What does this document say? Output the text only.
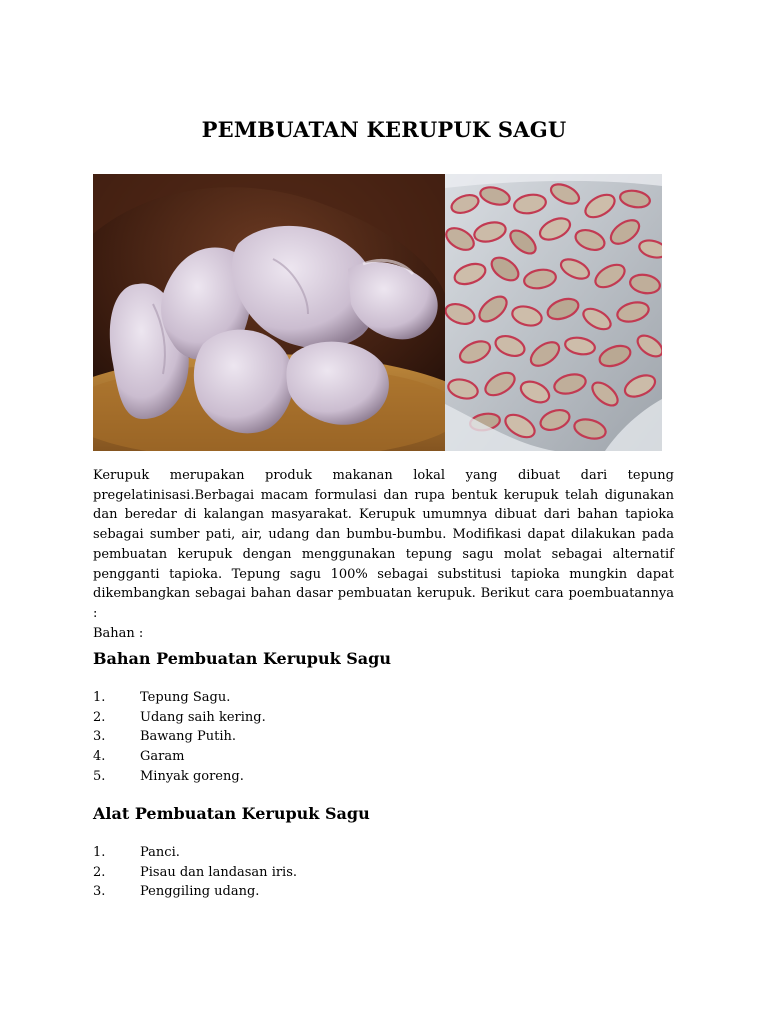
PEMBUATAN KERUPUK SAGU
Kerupuk merupakan produk makanan lokal yang dibuat dari tepung
pregelatinisasi.Berbagai macam formulasi dan rupa bentuk kerupuk telah digunakan
dan beredar di kalangan masyarakat. Kerupuk umumnya dibuat dari bahan tapioka
sebagai sumber pati, air, udang dan bumbu-bumbu. Modifikasi dapat dilakukan pada
pembuatan kerupuk dengan menggunakan tepung sagu molat sebagai alternatif
pengganti tapioka. Tepung sagu 100% sebagai substitusi tapioka mungkin dapat
dikembangkan sebagai bahan dasar pembuatan kerupuk. Berikut cara poembuatannya :
Bahan :
Bahan Pembuatan Kerupuk Sagu
1.	Tepung Sagu.
2.	Udang saih kering.
3.	Bawang Putih.
4.	Garam
5.	Minyak goreng.
Alat Pembuatan Kerupuk Sagu
1.	Panci.
2.	Pisau dan landasan iris.
3.	Penggiling udang.
